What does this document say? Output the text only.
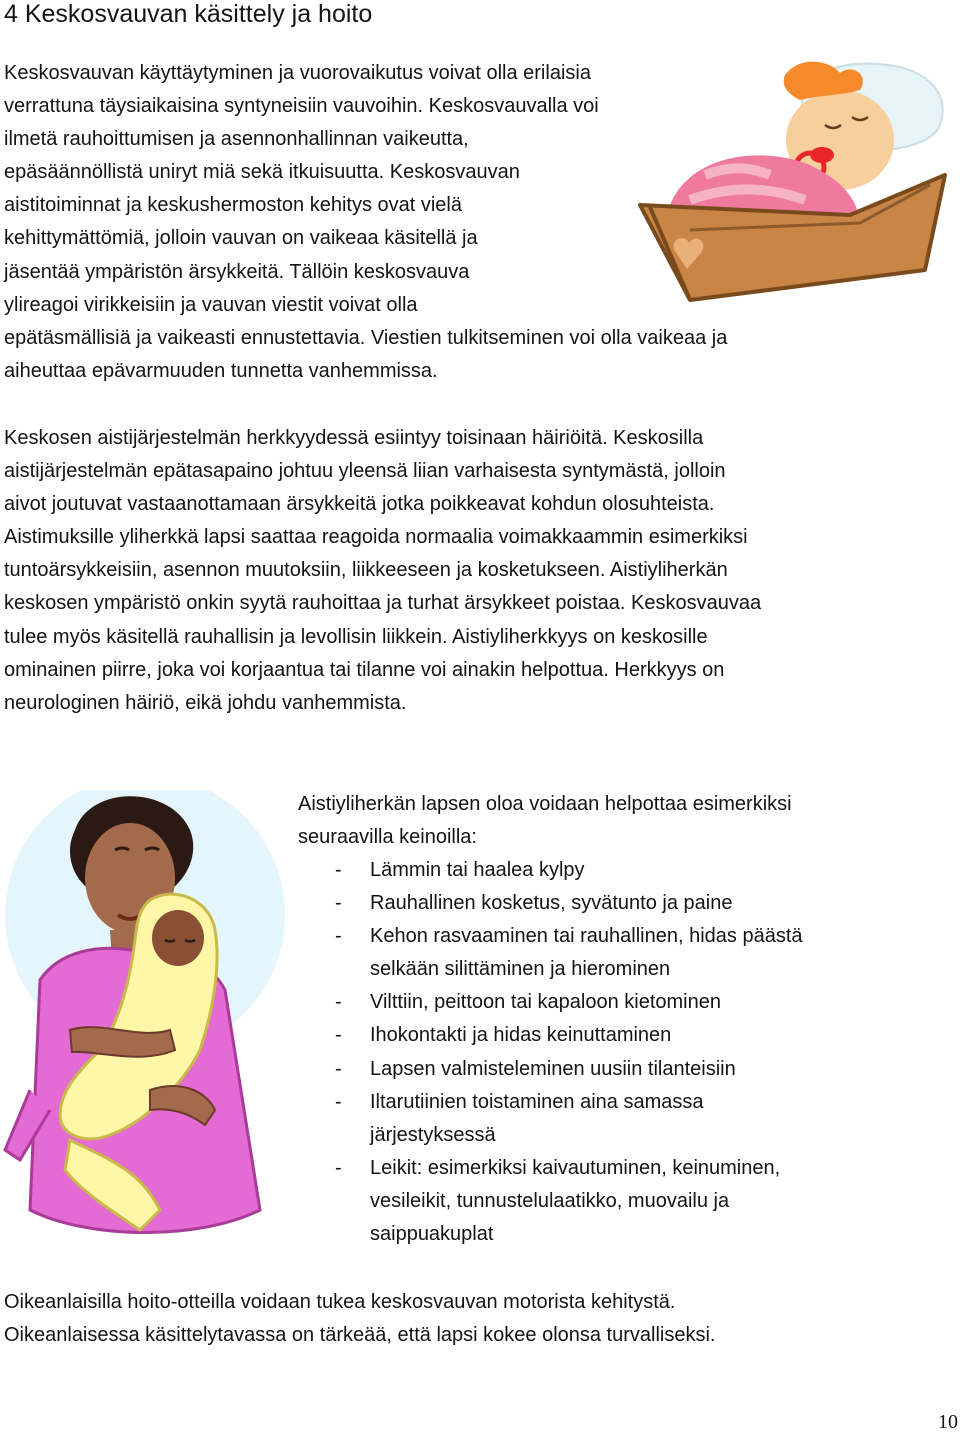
4 Keskosvauvan käsittely ja hoito
Keskosvauvan käyttäytyminen ja vuorovaikutus voivat olla erilaisia
verrattuna täysiaikaisina syntyneisiin vauvoihin. Keskosvauvalla voi
ilmetä rauhoittumisen ja asennonhallinnan vaikeutta,
epäsäännöllistä uniryt miä sekä itkuisuutta. Keskosvauvan
aistitoiminnat ja keskushermoston kehitys ovat vielä
kehittymättömiä, jolloin vauvan on vaikeaa käsitellä ja
jäsentää ympäristön ärsykkeitä. Tällöin keskosvauva
ylireagoi virikkeisiin ja vauvan viestit voivat olla
epätäsmällisiä ja vaikeasti ennustettavia. Viestien tulkitseminen voi olla vaikeaa ja
aiheuttaa epävarmuuden tunnetta vanhemmissa.
Keskosen aistijärjestelmän herkkyydessä esiintyy toisinaan häiriöitä. Keskosilla
aistijärjestelmän epätasapaino johtuu yleensä liian varhaisesta syntymästä, jolloin
aivot joutuvat vastaanottamaan ärsykkeitä jotka poikkeavat kohdun olosuhteista.
Aistimuksille yliherkkä lapsi saattaa reagoida normaalia voimakkaammin esimerkiksi
tuntoärsykkeisiin, asennon muutoksiin, liikkeeseen ja kosketukseen. Aistiyliherkän
keskosen ympäristö onkin syytä rauhoittaa ja turhat ärsykkeet poistaa. Keskosvauvaa
tulee myös käsitellä rauhallisin ja levollisin liikkein. Aistiyliherkkyys on keskosille
ominainen piirre, joka voi korjaantua tai tilanne voi ainakin helpottua. Herkkyys on
neurologinen häiriö, eikä johdu vanhemmista.
Aistiyliherkän lapsen oloa voidaan helpottaa esimerkiksi
seuraavilla keinoilla:
- Lämmin tai haalea kylpy
- Rauhallinen kosketus, syvätunto ja paine
- Kehon rasvaaminen tai rauhallinen, hidas päästä
selkään silittäminen ja hierominen
- Vilttiin, peittoon tai kapaloon kietominen
- Ihokontakti ja hidas keinuttaminen
- Lapsen valmisteleminen uusiin tilanteisiin
- Iltarutiinien toistaminen aina samassa
järjestyksessä
- Leikit: esimerkiksi kaivautuminen, keinuminen,
vesileikit, tunnustelulaatikko, muovailu ja
saippuakuplat
Oikeanlaisilla hoito-otteilla voidaan tukea keskosvauvan motorista kehitystä.
Oikeanlaisessa käsittelytavassa on tärkeää, että lapsi kokee olonsa turvalliseksi.
10
